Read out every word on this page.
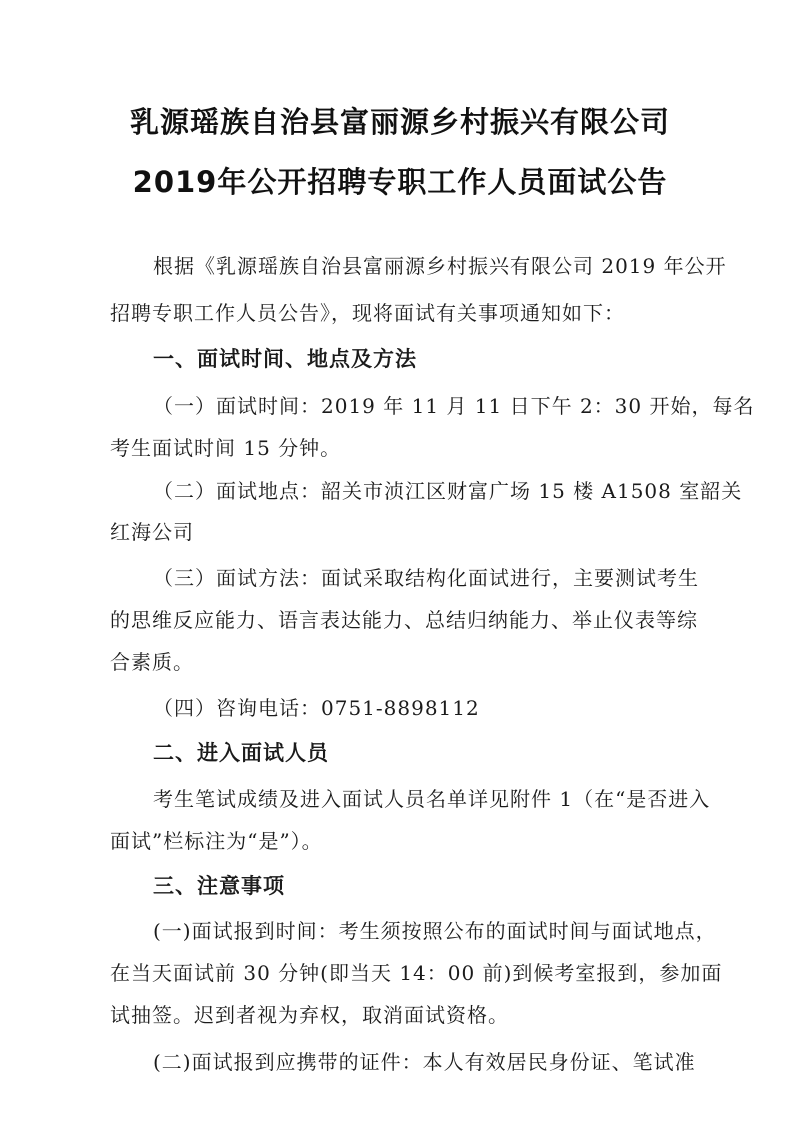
乳源瑶族自治县富丽源乡村振兴有限公司
2019年公开招聘专职工作人员面试公告
根据《乳源瑶族自治县富丽源乡村振兴有限公司 2019 年公开
招聘专职工作人员公告》，现将面试有关事项通知如下：
一、面试时间、地点及方法
（一）面试时间：2019 年 11 月 11 日下午 2：30 开始，每名
考生面试时间 15 分钟。
（二）面试地点：韶关市浈江区财富广场 15 楼 A1508 室韶关
红海公司
（三）面试方法：面试采取结构化面试进行，主要测试考生
的思维反应能力、语言表达能力、总结归纳能力、举止仪表等综
合素质。
（四）咨询电话：0751-8898112
二、进入面试人员
考生笔试成绩及进入面试人员名单详见附件 1（在“是否进入
面试”栏标注为“是”）。
三、注意事项
(一)面试报到时间：考生须按照公布的面试时间与面试地点，
在当天面试前 30 分钟(即当天 14：00 前)到候考室报到，参加面
试抽签。迟到者视为弃权，取消面试资格。
(二)面试报到应携带的证件：本人有效居民身份证、笔试准
